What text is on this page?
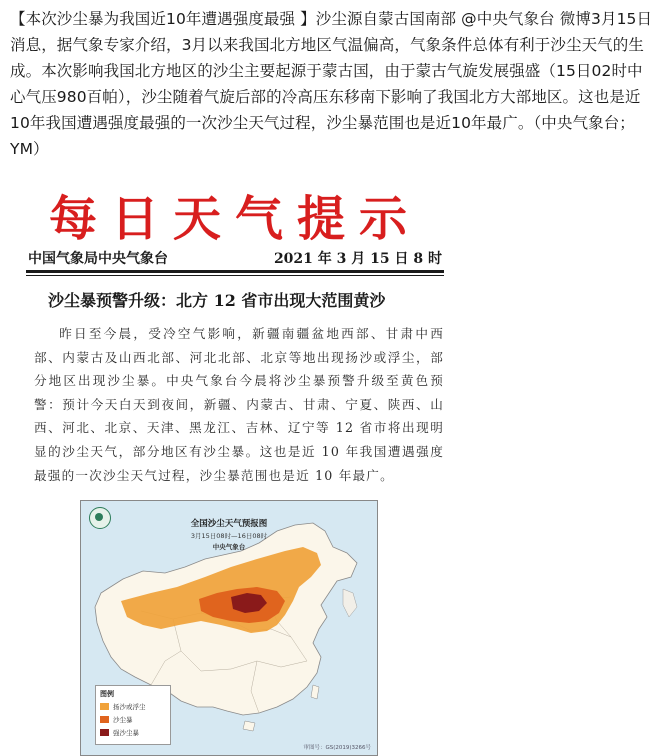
【本次沙尘暴为我国近10年遭遇强度最强 】沙尘源自蒙古国南部 @中央气象台 微博3月15日消息，据气象专家介绍，3月以来我国北方地区气温偏高，气象条件总体有利于沙尘天气的生成。本次影响我国北方地区的沙尘主要起源于蒙古国，由于蒙古气旋发展强盛（15日02时中心气压980百帕），沙尘随着气旋后部的冷高压东移南下影响了我国北方大部地区。这也是近10年我国遭遇强度最强的一次沙尘天气过程，沙尘暴范围也是近10年最广。（中央气象台；YM）
每日天气提示
中国气象局中央气象台	2021 年 3 月 15 日 8 时
沙尘暴预警升级：北方 12 省市出现大范围黄沙
昨日至今晨，受冷空气影响，新疆南疆盆地西部、甘肃中西部、内蒙古及山西北部、河北北部、北京等地出现扬沙或浮尘，部分地区出现沙尘暴。中央气象台今晨将沙尘暴预警升级至黄色预警：预计今天白天到夜间，新疆、内蒙古、甘肃、宁夏、陕西、山西、河北、北京、天津、黑龙江、吉林、辽宁等 12 省市将出现明显的沙尘天气，部分地区有沙尘暴。这也是近 10 年我国遭遇强度最强的一次沙尘天气过程，沙尘暴范围也是近 10 年最广。
全国沙尘天气预报图
3月15日08时—16日08时
中央气象台
图例
扬沙或浮尘
沙尘暴
强沙尘暴
审图号：GS(2019)3266号
